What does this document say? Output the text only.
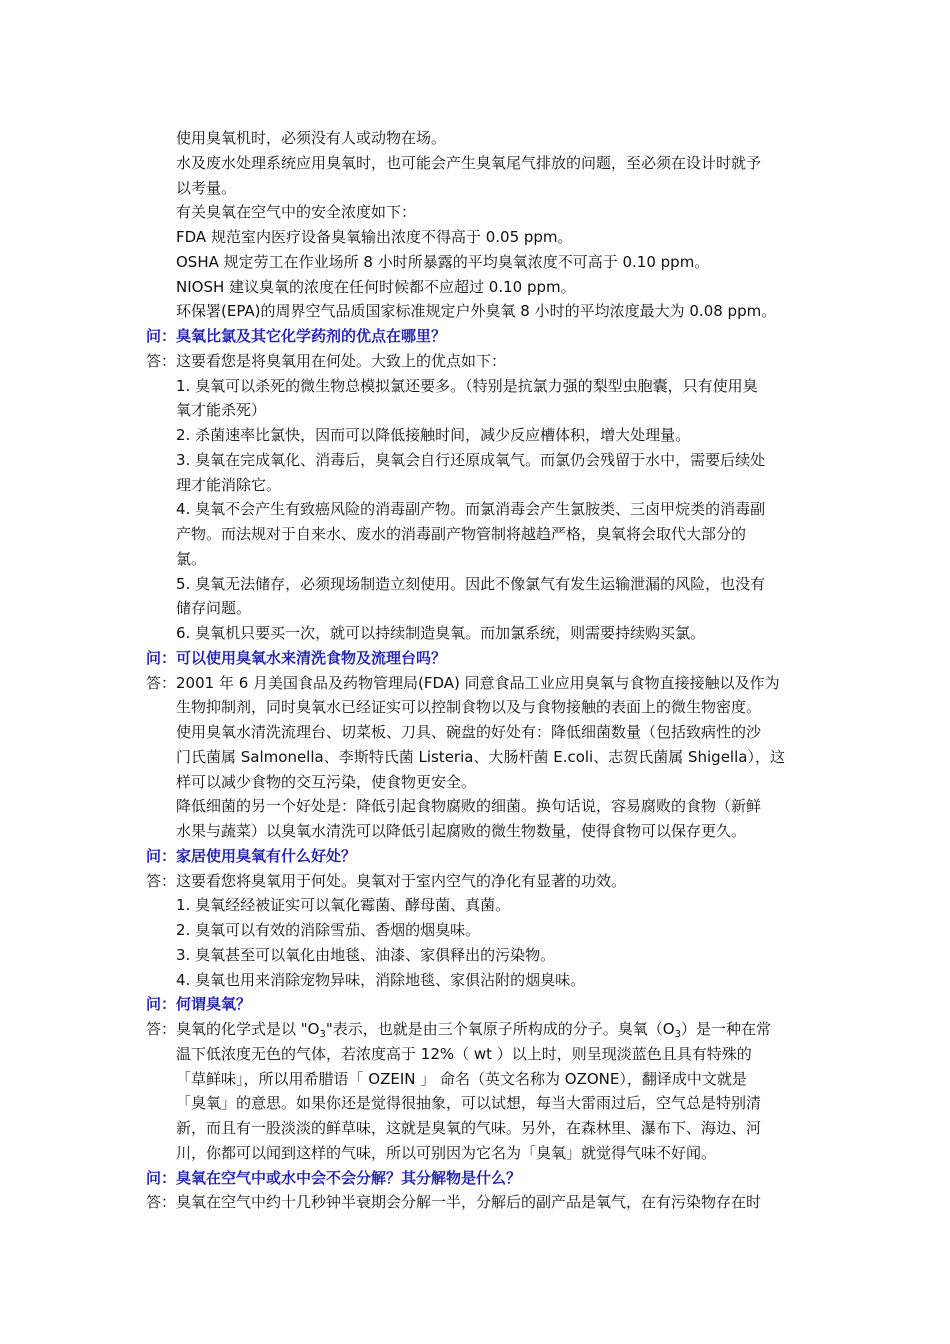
使用臭氧机时，必须没有人或动物在场。
水及废水处理系统应用臭氧时，也可能会产生臭氧尾气排放的问题，至必须在设计时就予
以考量。
有关臭氧在空气中的安全浓度如下：
FDA 规范室内医疗设备臭氧输出浓度不得高于 0.05 ppm。
OSHA 规定劳工在作业场所 8 小时所暴露的平均臭氧浓度不可高于 0.10 ppm。
NIOSH 建议臭氧的浓度在任何时候都不应超过 0.10 ppm。
环保署(EPA)的周界空气品质国家标准规定户外臭氧 8 小时的平均浓度最大为 0.08 ppm。
问：臭氧比氯及其它化学药剂的优点在哪里？
答： 这要看您是将臭氧用在何处。大致上的优点如下：
1. 臭氧可以杀死的微生物总模拟氯还要多。（特别是抗氯力强的梨型虫胞囊，只有使用臭
氧才能杀死）
2. 杀菌速率比氯快，因而可以降低接触时间，减少反应槽体积，增大处理量。
3. 臭氧在完成氧化、消毒后，臭氧会自行还原成氧气。而氯仍会残留于水中，需要后续处
理才能消除它。
4. 臭氧不会产生有致癌风险的消毒副产物。而氯消毒会产生氯胺类、三卤甲烷类的消毒副
产物。而法规对于自来水、废水的消毒副产物管制将越趋严格，臭氧将会取代大部分的
氯。
5. 臭氧无法储存，必须现场制造立刻使用。因此不像氯气有发生运输泄漏的风险，也没有
储存问题。
6. 臭氧机只要买一次，就可以持续制造臭氧。而加氯系统，则需要持续购买氯。
问：可以使用臭氧水来清洗食物及流理台吗？
答： 2001 年 6 月美国食品及药物管理局(FDA) 同意食品工业应用臭氧与食物直接接触以及作为
生物抑制剂，同时臭氧水已经证实可以控制食物以及与食物接触的表面上的微生物密度。
使用臭氧水清洗流理台、切菜板、刀具、碗盘的好处有：降低细菌数量（包括致病性的沙
门氏菌属 Salmonella、李斯特氏菌 Listeria、大肠杆菌 E.coli、志贺氏菌属 Shigella），这
样可以减少食物的交互污染，使食物更安全。
降低细菌的另一个好处是：降低引起食物腐败的细菌。换句话说，容易腐败的食物（新鲜
水果与蔬菜）以臭氧水清洗可以降低引起腐败的微生物数量，使得食物可以保存更久。
问：家居使用臭氧有什么好处？
答： 这要看您将臭氧用于何处。臭氧对于室内空气的净化有显著的功效。
1. 臭氧经经被证实可以氧化霉菌、酵母菌、真菌。
2. 臭氧可以有效的消除雪茄、香烟的烟臭味。
3. 臭氧甚至可以氧化由地毯、油漆、家俱释出的污染物。
4. 臭氧也用来消除宠物异味，消除地毯、家俱沾附的烟臭味。
问：何谓臭氧？
答： 臭氧的化学式是以 "$O_3$"表示，也就是由三个氧原子所构成的分子。臭氧$(O_3)$是一种在常
温下低浓度无色的气体，若浓度高于 12%（ wt ）以上时，则呈现淡蓝色且具有特殊的
「草鲜味」，所以用希腊语「 OZEIN 」 命名（英文名称为 OZONE），翻译成中文就是
「臭氧」的意思。如果你还是觉得很抽象，可以试想，每当大雷雨过后，空气总是特别清
新，而且有一股淡淡的鲜草味，这就是臭氧的气味。另外，在森林里、瀑布下、海边、河
川，你都可以闻到这样的气味，所以可别因为它名为「臭氧」就觉得气味不好闻。
问：臭氧在空气中或水中会不会分解？其分解物是什么？
答： 臭氧在空气中约十几秒钟半衰期会分解一半，分解后的副产品是氧气，在有污染物存在时
